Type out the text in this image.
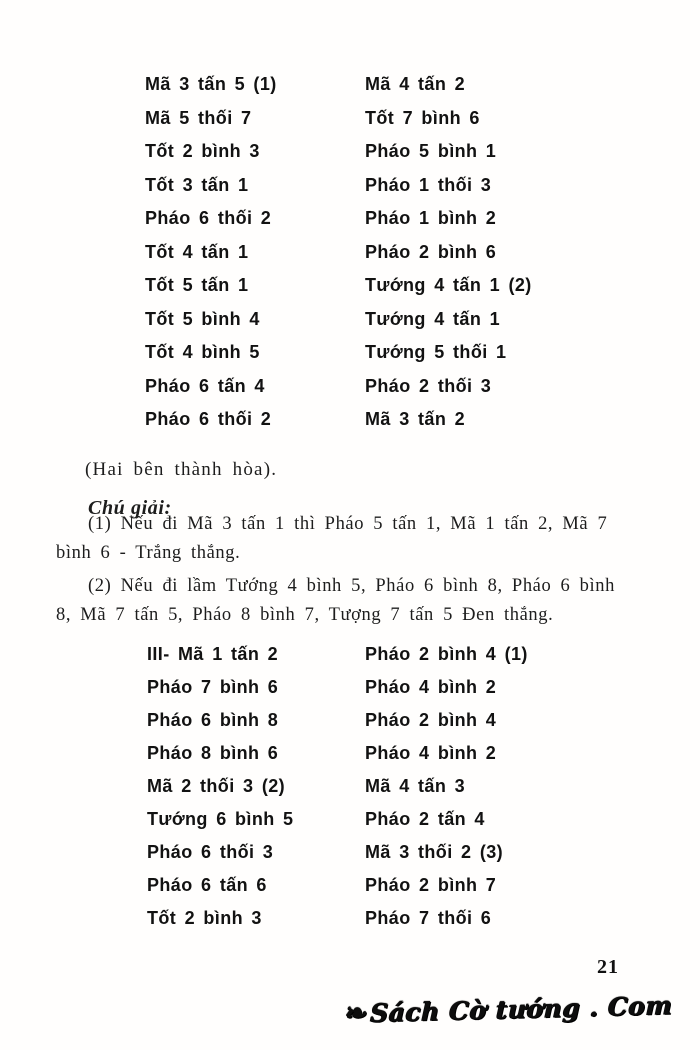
Mã 3 tấn 5 (1)
Mã 5 thối 7
Tốt 2 bình 3
Tốt 3 tấn 1
Pháo 6 thối 2
Tốt 4 tấn 1
Tốt 5 tấn 1
Tốt 5 bình 4
Tốt 4 bình 5
Pháo 6 tấn 4
Pháo 6 thối 2
Mã 4 tấn 2
Tốt 7 bình 6
Pháo 5 bình 1
Pháo 1 thối 3
Pháo 1 bình 2
Pháo 2 bình 6
Tướng 4 tấn 1 (2)
Tướng 4 tấn 1
Tướng 5 thối 1
Pháo 2 thối 3
Mã 3 tấn 2

(Hai bên thành hòa).

Chú giải:

(1) Nếu đi Mã 3 tấn 1 thì Pháo 5 tấn 1, Mã 1 tấn 2, Mã 7
bình 6 - Trắng thắng.
(2) Nếu đi lầm Tướng 4 bình 5, Pháo 6 bình 8, Pháo 6 bình
8, Mã 7 tấn 5, Pháo 8 bình 7, Tượng 7 tấn 5 Đen thắng.
III- Mã 1 tấn 2
Pháo 7 bình 6
Pháo 6 bình 8
Pháo 8 bình 6
Mã 2 thối 3 (2)
Tướng 6 bình 5
Pháo 6 thối 3
Pháo 6 tấn 6
Tốt 2 bình 3
Pháo 2 bình 4 (1)
Pháo 4 bình 2
Pháo 2 bình 4
Pháo 4 bình 2
Mã 4 tấn 3
Pháo 2 tấn 4
Mã 3 thối 2 (3)
Pháo 2 bình 7
Pháo 7 thối 6
21
❧Sách Cờ tướng . Com
